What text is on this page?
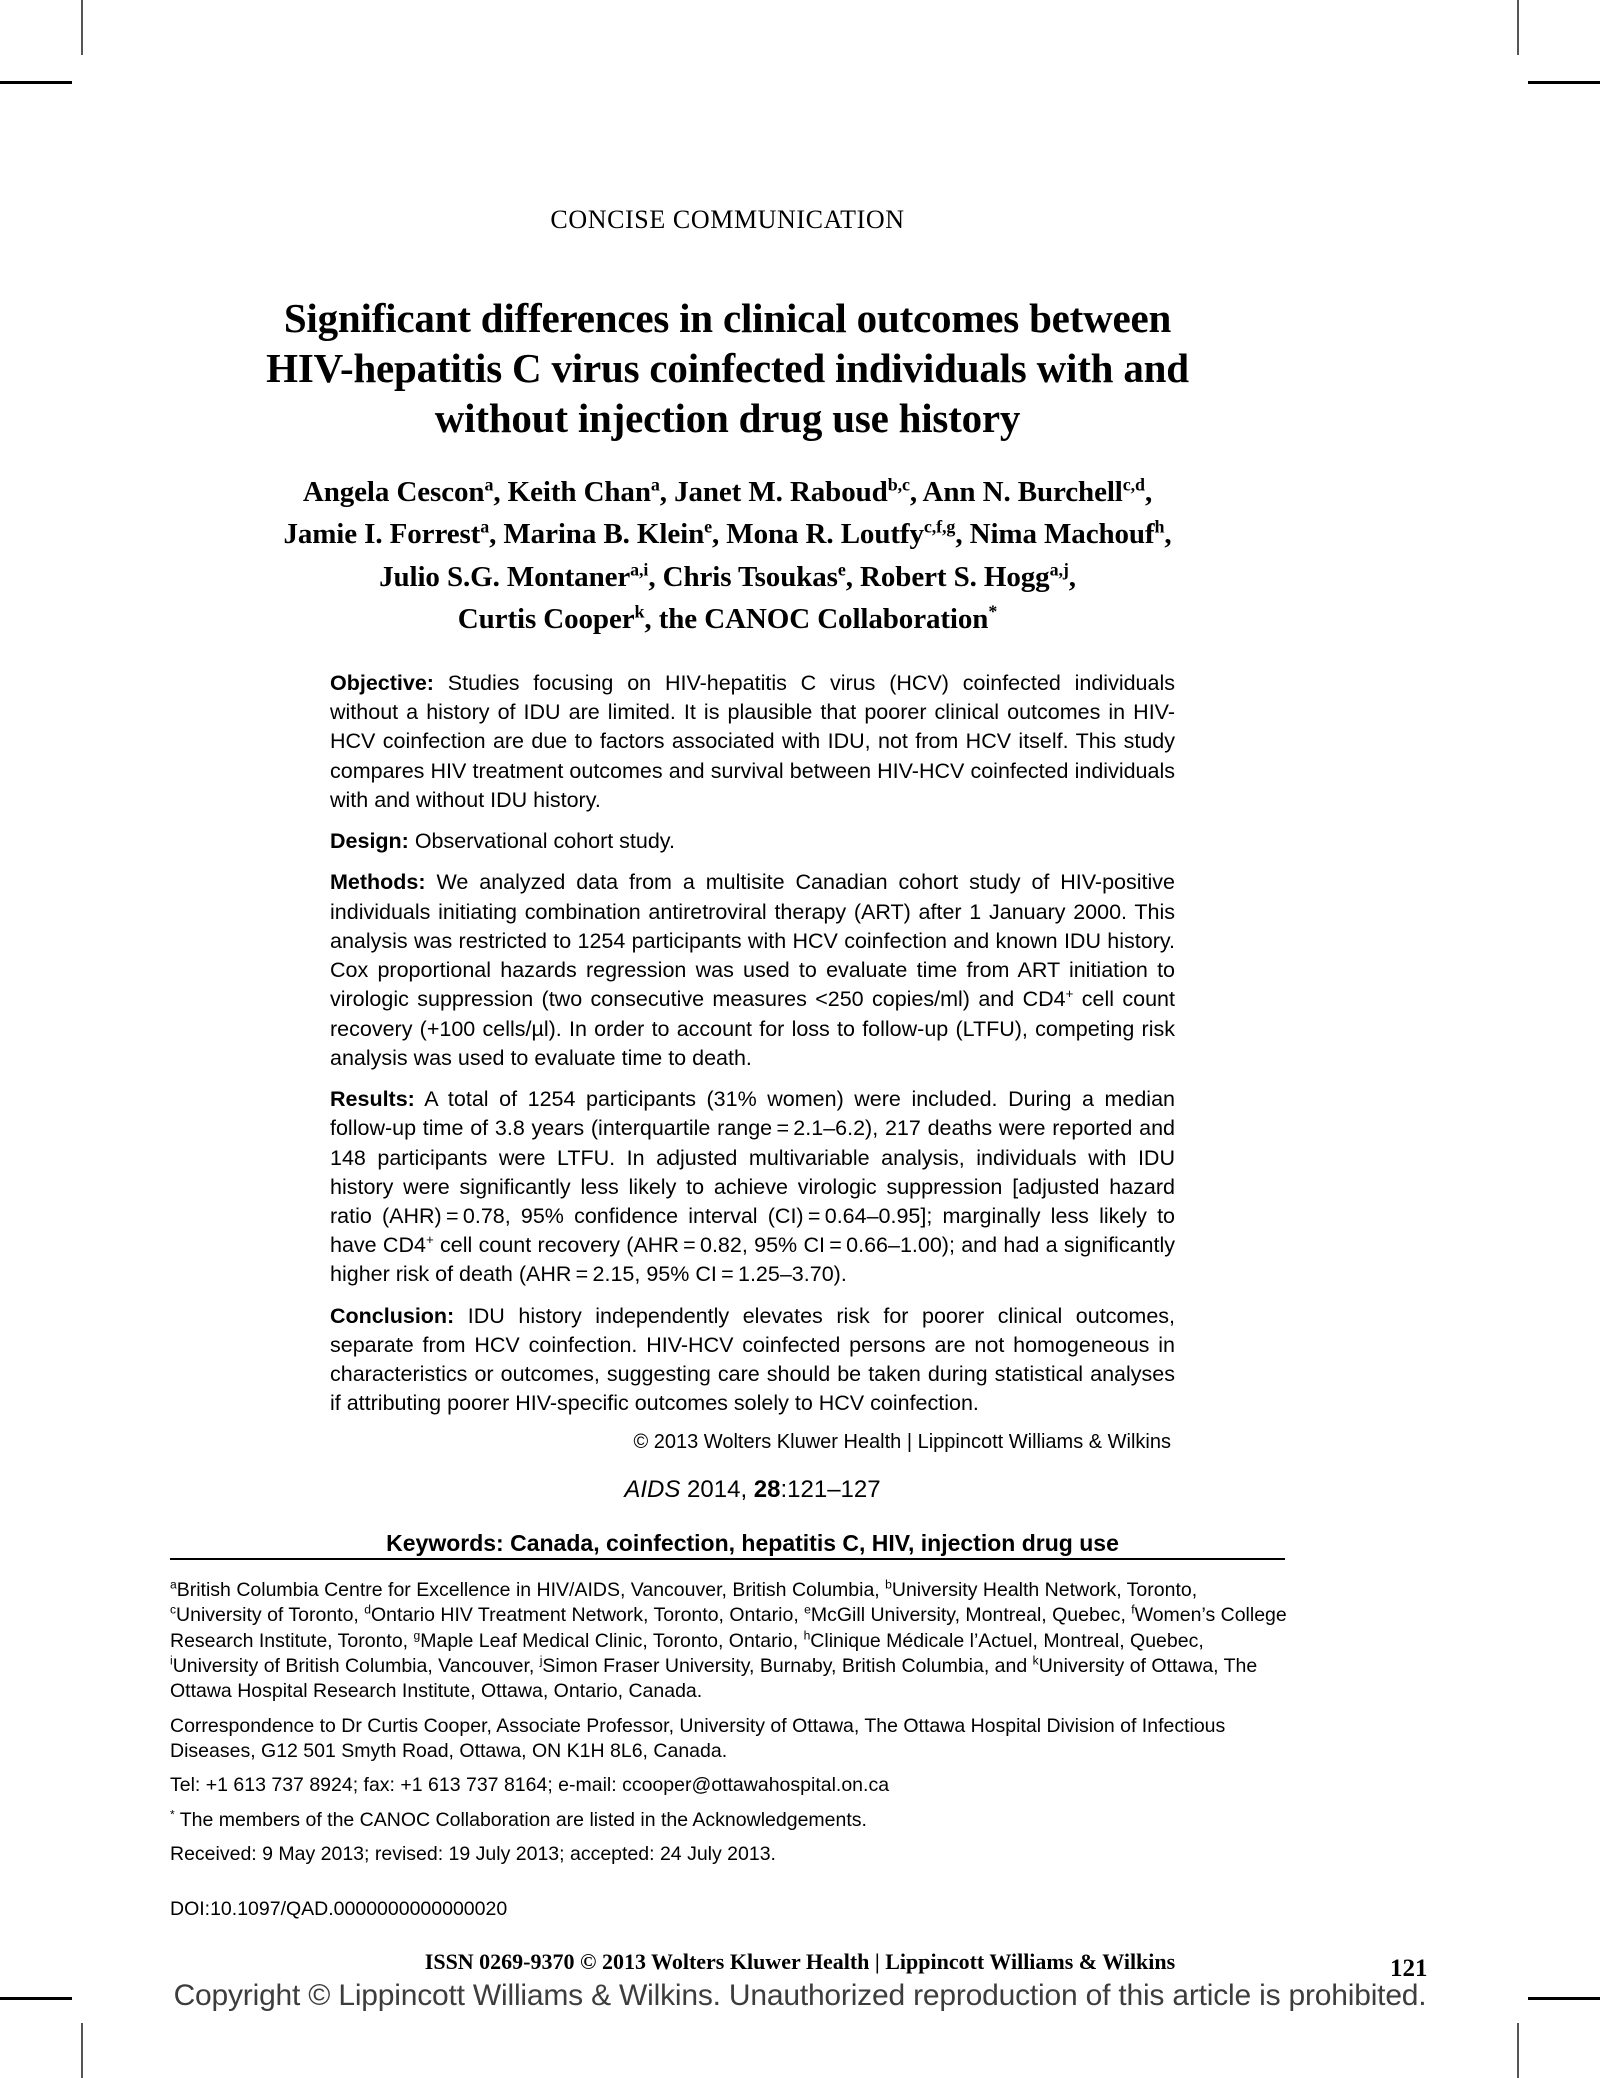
CONCISE COMMUNICATION
Significant differences in clinical outcomes between
HIV-hepatitis C virus coinfected individuals with and
without injection drug use history
Angela Cescon$^a$, Keith Chan$^a$, Janet M. Raboud$^{b,c}$, Ann N. Burchell$^{c,d}$,
Jamie I. Forrest$^a$, Marina B. Klein$^e$, Mona R. Loutfy$^{c,f,g}$, Nima Machouf$^h$,
Julio S.G. Montaner$^{a,i}$, Chris Tsoukas$^e$, Robert S. Hogg$^{a,j}$,
Curtis Cooper$^k$, the CANOC Collaboration*

Objective: Studies focusing on HIV-hepatitis C virus (HCV) coinfected individuals without a history of IDU are limited. It is plausible that poorer clinical outcomes in HIV-HCV coinfection are due to factors associated with IDU, not from HCV itself. This study compares HIV treatment outcomes and survival between HIV-HCV coinfected individuals with and without IDU history.

Design: Observational cohort study.

Methods: We analyzed data from a multisite Canadian cohort study of HIV-positive individuals initiating combination antiretroviral therapy (ART) after 1 January 2000. This analysis was restricted to 1254 participants with HCV coinfection and known IDU history. Cox proportional hazards regression was used to evaluate time from ART initiation to virologic suppression (two consecutive measures <250 copies/ml) and CD4+ cell count recovery (+100 cells/µl). In order to account for loss to follow-up (LTFU), competing risk analysis was used to evaluate time to death.

Results: A total of 1254 participants (31% women) were included. During a median follow-up time of 3.8 years (interquartile range = 2.1–6.2), 217 deaths were reported and 148 participants were LTFU. In adjusted multivariable analysis, individuals with IDU history were significantly less likely to achieve virologic suppression [adjusted hazard ratio (AHR) = 0.78, 95% confidence interval (CI) = 0.64–0.95]; marginally less likely to have CD4+ cell count recovery (AHR = 0.82, 95% CI = 0.66–1.00); and had a significantly higher risk of death (AHR = 2.15, 95% CI = 1.25–3.70).

Conclusion: IDU history independently elevates risk for poorer clinical outcomes, separate from HCV coinfection. HIV-HCV coinfected persons are not homogeneous in characteristics or outcomes, suggesting care should be taken during statistical analyses if attributing poorer HIV-specific outcomes solely to HCV coinfection.

© 2013 Wolters Kluwer Health | Lippincott Williams & Wilkins
AIDS 2014, 28:121–127
Keywords: Canada, coinfection, hepatitis C, HIV, injection drug use

$^a$British Columbia Centre for Excellence in HIV/AIDS, Vancouver, British Columbia, $^b$University Health Network, Toronto, $^c$University of Toronto, $^d$Ontario HIV Treatment Network, Toronto, Ontario, $^e$McGill University, Montreal, Quebec, $^f$Women’s College Research Institute, Toronto, $^g$Maple Leaf Medical Clinic, Toronto, Ontario, $^h$Clinique Médicale l’Actuel, Montreal, Quebec, $^i$University of British Columbia, Vancouver, $^j$Simon Fraser University, Burnaby, British Columbia, and $^k$University of Ottawa, The Ottawa Hospital Research Institute, Ottawa, Ontario, Canada.

Correspondence to Dr Curtis Cooper, Associate Professor, University of Ottawa, The Ottawa Hospital Division of Infectious Diseases, G12 501 Smyth Road, Ottawa, ON K1H 8L6, Canada.

Tel: +1 613 737 8924; fax: +1 613 737 8164; e-mail: ccooper@ottawahospital.on.ca

* The members of the CANOC Collaboration are listed in the Acknowledgements.

Received: 9 May 2013; revised: 19 July 2013; accepted: 24 July 2013.

DOI:10.1097/QAD.0000000000000020

ISSN 0269-9370 © 2013 Wolters Kluwer Health | Lippincott Williams & Wilkins	121
Copyright © Lippincott Williams & Wilkins. Unauthorized reproduction of this article is prohibited.
